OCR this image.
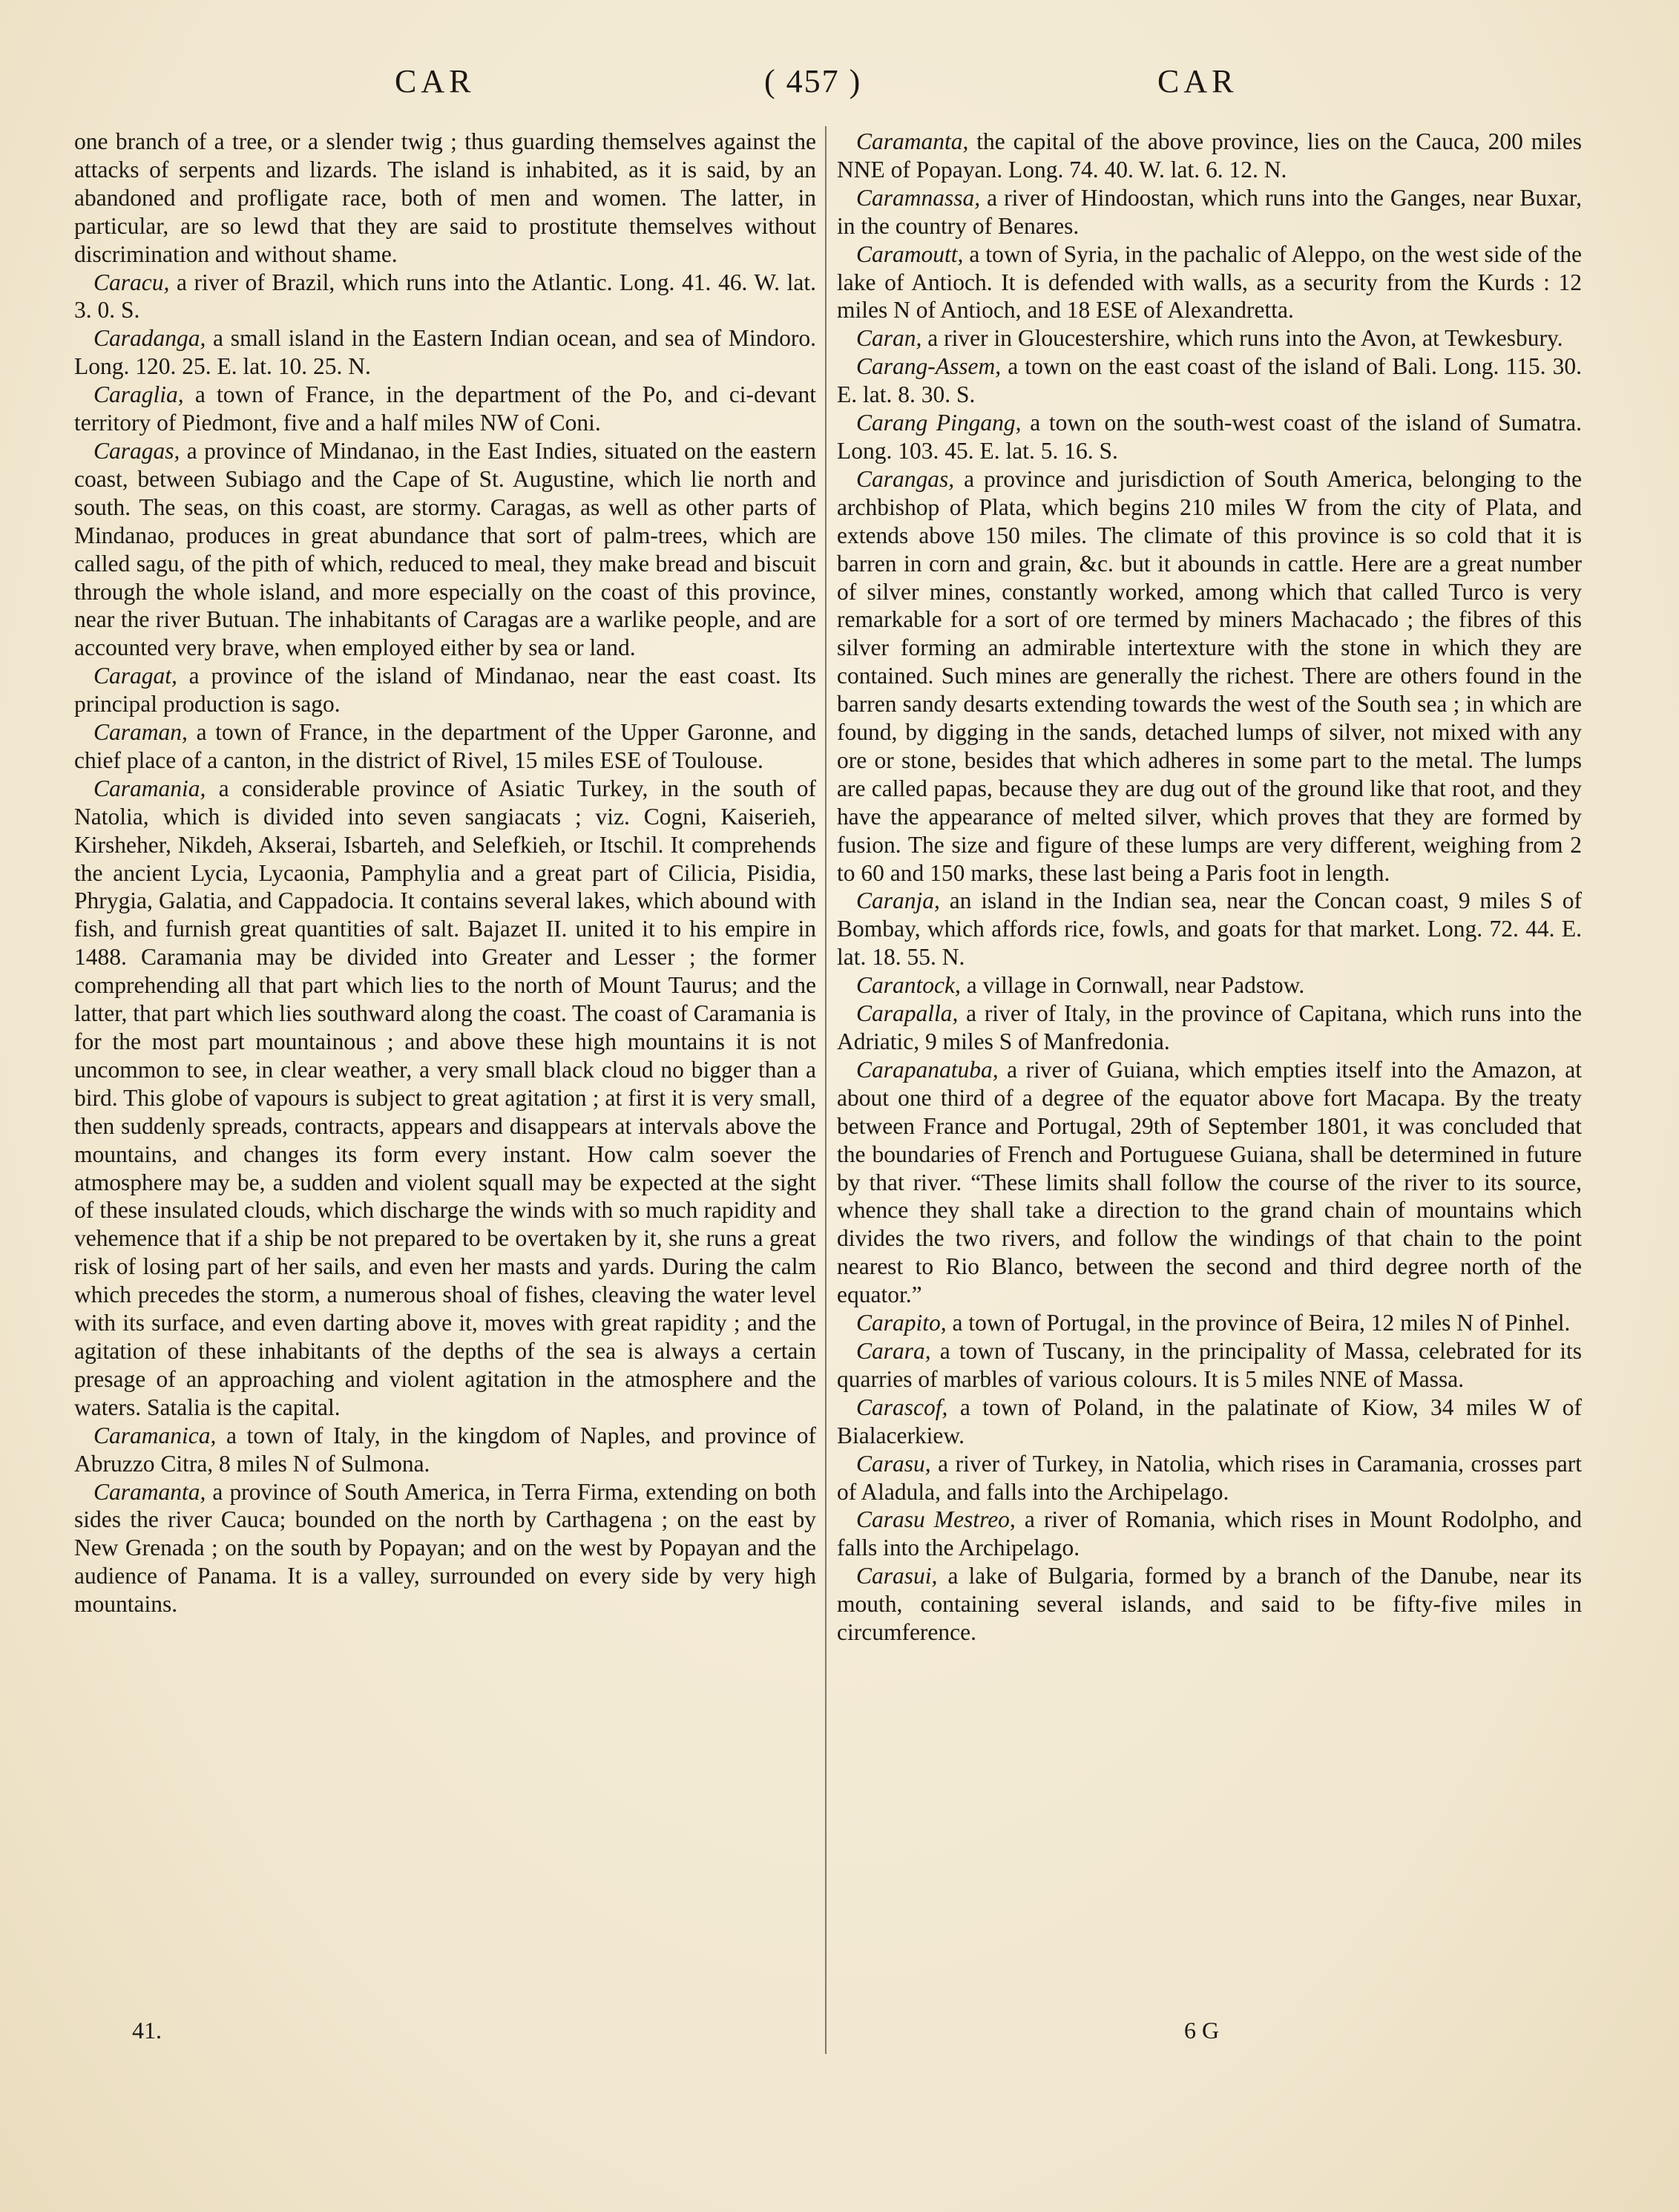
CAR	( 457 )	CAR

one branch of a tree, or a slender twig ; thus guarding themselves against the attacks of serpents and lizards. The island is inhabited, as it is said, by an abandoned and profligate race, both of men and women. The latter, in particular, are so lewd that they are said to prostitute themselves without discrimination and without shame.

Caracu, a river of Brazil, which runs into the Atlantic. Long. 41. 46. W. lat. 3. 0. S.

Caradanga, a small island in the Eastern Indian ocean, and sea of Mindoro. Long. 120. 25. E. lat. 10. 25. N.

Caraglia, a town of France, in the department of the Po, and ci-devant territory of Piedmont, five and a half miles NW of Coni.

Caragas, a province of Mindanao, in the East Indies, situated on the eastern coast, between Subiago and the Cape of St. Augustine, which lie north and south. The seas, on this coast, are stormy. Caragas, as well as other parts of Mindanao, produces in great abundance that sort of palm-trees, which are called sagu, of the pith of which, reduced to meal, they make bread and biscuit through the whole island, and more especially on the coast of this province, near the river Butuan. The inhabitants of Caragas are a warlike people, and are accounted very brave, when employed either by sea or land.

Caragat, a province of the island of Mindanao, near the east coast. Its principal production is sago.

Caraman, a town of France, in the department of the Upper Garonne, and chief place of a canton, in the district of Rivel, 15 miles ESE of Toulouse.

Caramania, a considerable province of Asiatic Turkey, in the south of Natolia, which is divided into seven sangiacats ; viz. Cogni, Kaiserieh, Kirsheher, Nikdeh, Akserai, Isbarteh, and Selefkieh, or Itschil. It comprehends the ancient Lycia, Lycaonia, Pamphylia and a great part of Cilicia, Pisidia, Phrygia, Galatia, and Cappadocia. It contains several lakes, which abound with fish, and furnish great quantities of salt. Bajazet II. united it to his empire in 1488. Caramania may be divided into Greater and Lesser ; the former comprehending all that part which lies to the north of Mount Taurus; and the latter, that part which lies southward along the coast. The coast of Caramania is for the most part mountainous ; and above these high mountains it is not uncommon to see, in clear weather, a very small black cloud no bigger than a bird. This globe of vapours is subject to great agitation ; at first it is very small, then suddenly spreads, contracts, appears and disappears at intervals above the mountains, and changes its form every instant. How calm soever the atmosphere may be, a sudden and violent squall may be expected at the sight of these insulated clouds, which discharge the winds with so much rapidity and vehemence that if a ship be not prepared to be overtaken by it, she runs a great risk of losing part of her sails, and even her masts and yards. During the calm which precedes the storm, a numerous shoal of fishes, cleaving the water level with its surface, and even darting above it, moves with great rapidity ; and the agitation of these inhabitants of the depths of the sea is always a certain presage of an approaching and violent agitation in the atmosphere and the waters. Satalia is the capital.

Caramanica, a town of Italy, in the kingdom of Naples, and province of Abruzzo Citra, 8 miles N of Sulmona.

Caramanta, a province of South America, in Terra Firma, extending on both sides the river Cauca; bounded on the north by Carthagena ; on the east by New Grenada ; on the south by Popayan; and on the west by Popayan and the audience of Panama. It is a valley, surrounded on every side by very high mountains.

Caramanta, the capital of the above province, lies on the Cauca, 200 miles NNE of Popayan. Long. 74. 40. W. lat. 6. 12. N.

Caramnassa, a river of Hindoostan, which runs into the Ganges, near Buxar, in the country of Benares.

Caramoutt, a town of Syria, in the pachalic of Aleppo, on the west side of the lake of Antioch. It is defended with walls, as a security from the Kurds : 12 miles N of Antioch, and 18 ESE of Alexandretta.

Caran, a river in Gloucestershire, which runs into the Avon, at Tewkesbury.

Carang-Assem, a town on the east coast of the island of Bali. Long. 115. 30. E. lat. 8. 30. S.

Carang Pingang, a town on the south-west coast of the island of Sumatra. Long. 103. 45. E. lat. 5. 16. S.

Carangas, a province and jurisdiction of South America, belonging to the archbishop of Plata, which begins 210 miles W from the city of Plata, and extends above 150 miles. The climate of this province is so cold that it is barren in corn and grain, &c. but it abounds in cattle. Here are a great number of silver mines, constantly worked, among which that called Turco is very remarkable for a sort of ore termed by miners Machacado ; the fibres of this silver forming an admirable intertexture with the stone in which they are contained. Such mines are generally the richest. There are others found in the barren sandy desarts extending towards the west of the South sea ; in which are found, by digging in the sands, detached lumps of silver, not mixed with any ore or stone, besides that which adheres in some part to the metal. The lumps are called papas, because they are dug out of the ground like that root, and they have the appearance of melted silver, which proves that they are formed by fusion. The size and figure of these lumps are very different, weighing from 2 to 60 and 150 marks, these last being a Paris foot in length.

Caranja, an island in the Indian sea, near the Concan coast, 9 miles S of Bombay, which affords rice, fowls, and goats for that market. Long. 72. 44. E. lat. 18. 55. N.

Carantock, a village in Cornwall, near Padstow.

Carapalla, a river of Italy, in the province of Capitana, which runs into the Adriatic, 9 miles S of Manfredonia.

Carapanatuba, a river of Guiana, which empties itself into the Amazon, at about one third of a degree of the equator above fort Macapa. By the treaty between France and Portugal, 29th of September 1801, it was concluded that the boundaries of French and Portuguese Guiana, shall be determined in future by that river. “These limits shall follow the course of the river to its source, whence they shall take a direction to the grand chain of mountains which divides the two rivers, and follow the windings of that chain to the point nearest to Rio Blanco, between the second and third degree north of the equator.”

Carapito, a town of Portugal, in the province of Beira, 12 miles N of Pinhel.

Carara, a town of Tuscany, in the principality of Massa, celebrated for its quarries of marbles of various colours. It is 5 miles NNE of Massa.

Carascof, a town of Poland, in the palatinate of Kiow, 34 miles W of Bialacerkiew.

Carasu, a river of Turkey, in Natolia, which rises in Caramania, crosses part of Aladula, and falls into the Archipelago.

Carasu Mestreo, a river of Romania, which rises in Mount Rodolpho, and falls into the Archipelago.

Carasui, a lake of Bulgaria, formed by a branch of the Danube, near its mouth, containing several islands, and said to be fifty-five miles in circumference.

41.	6 G
